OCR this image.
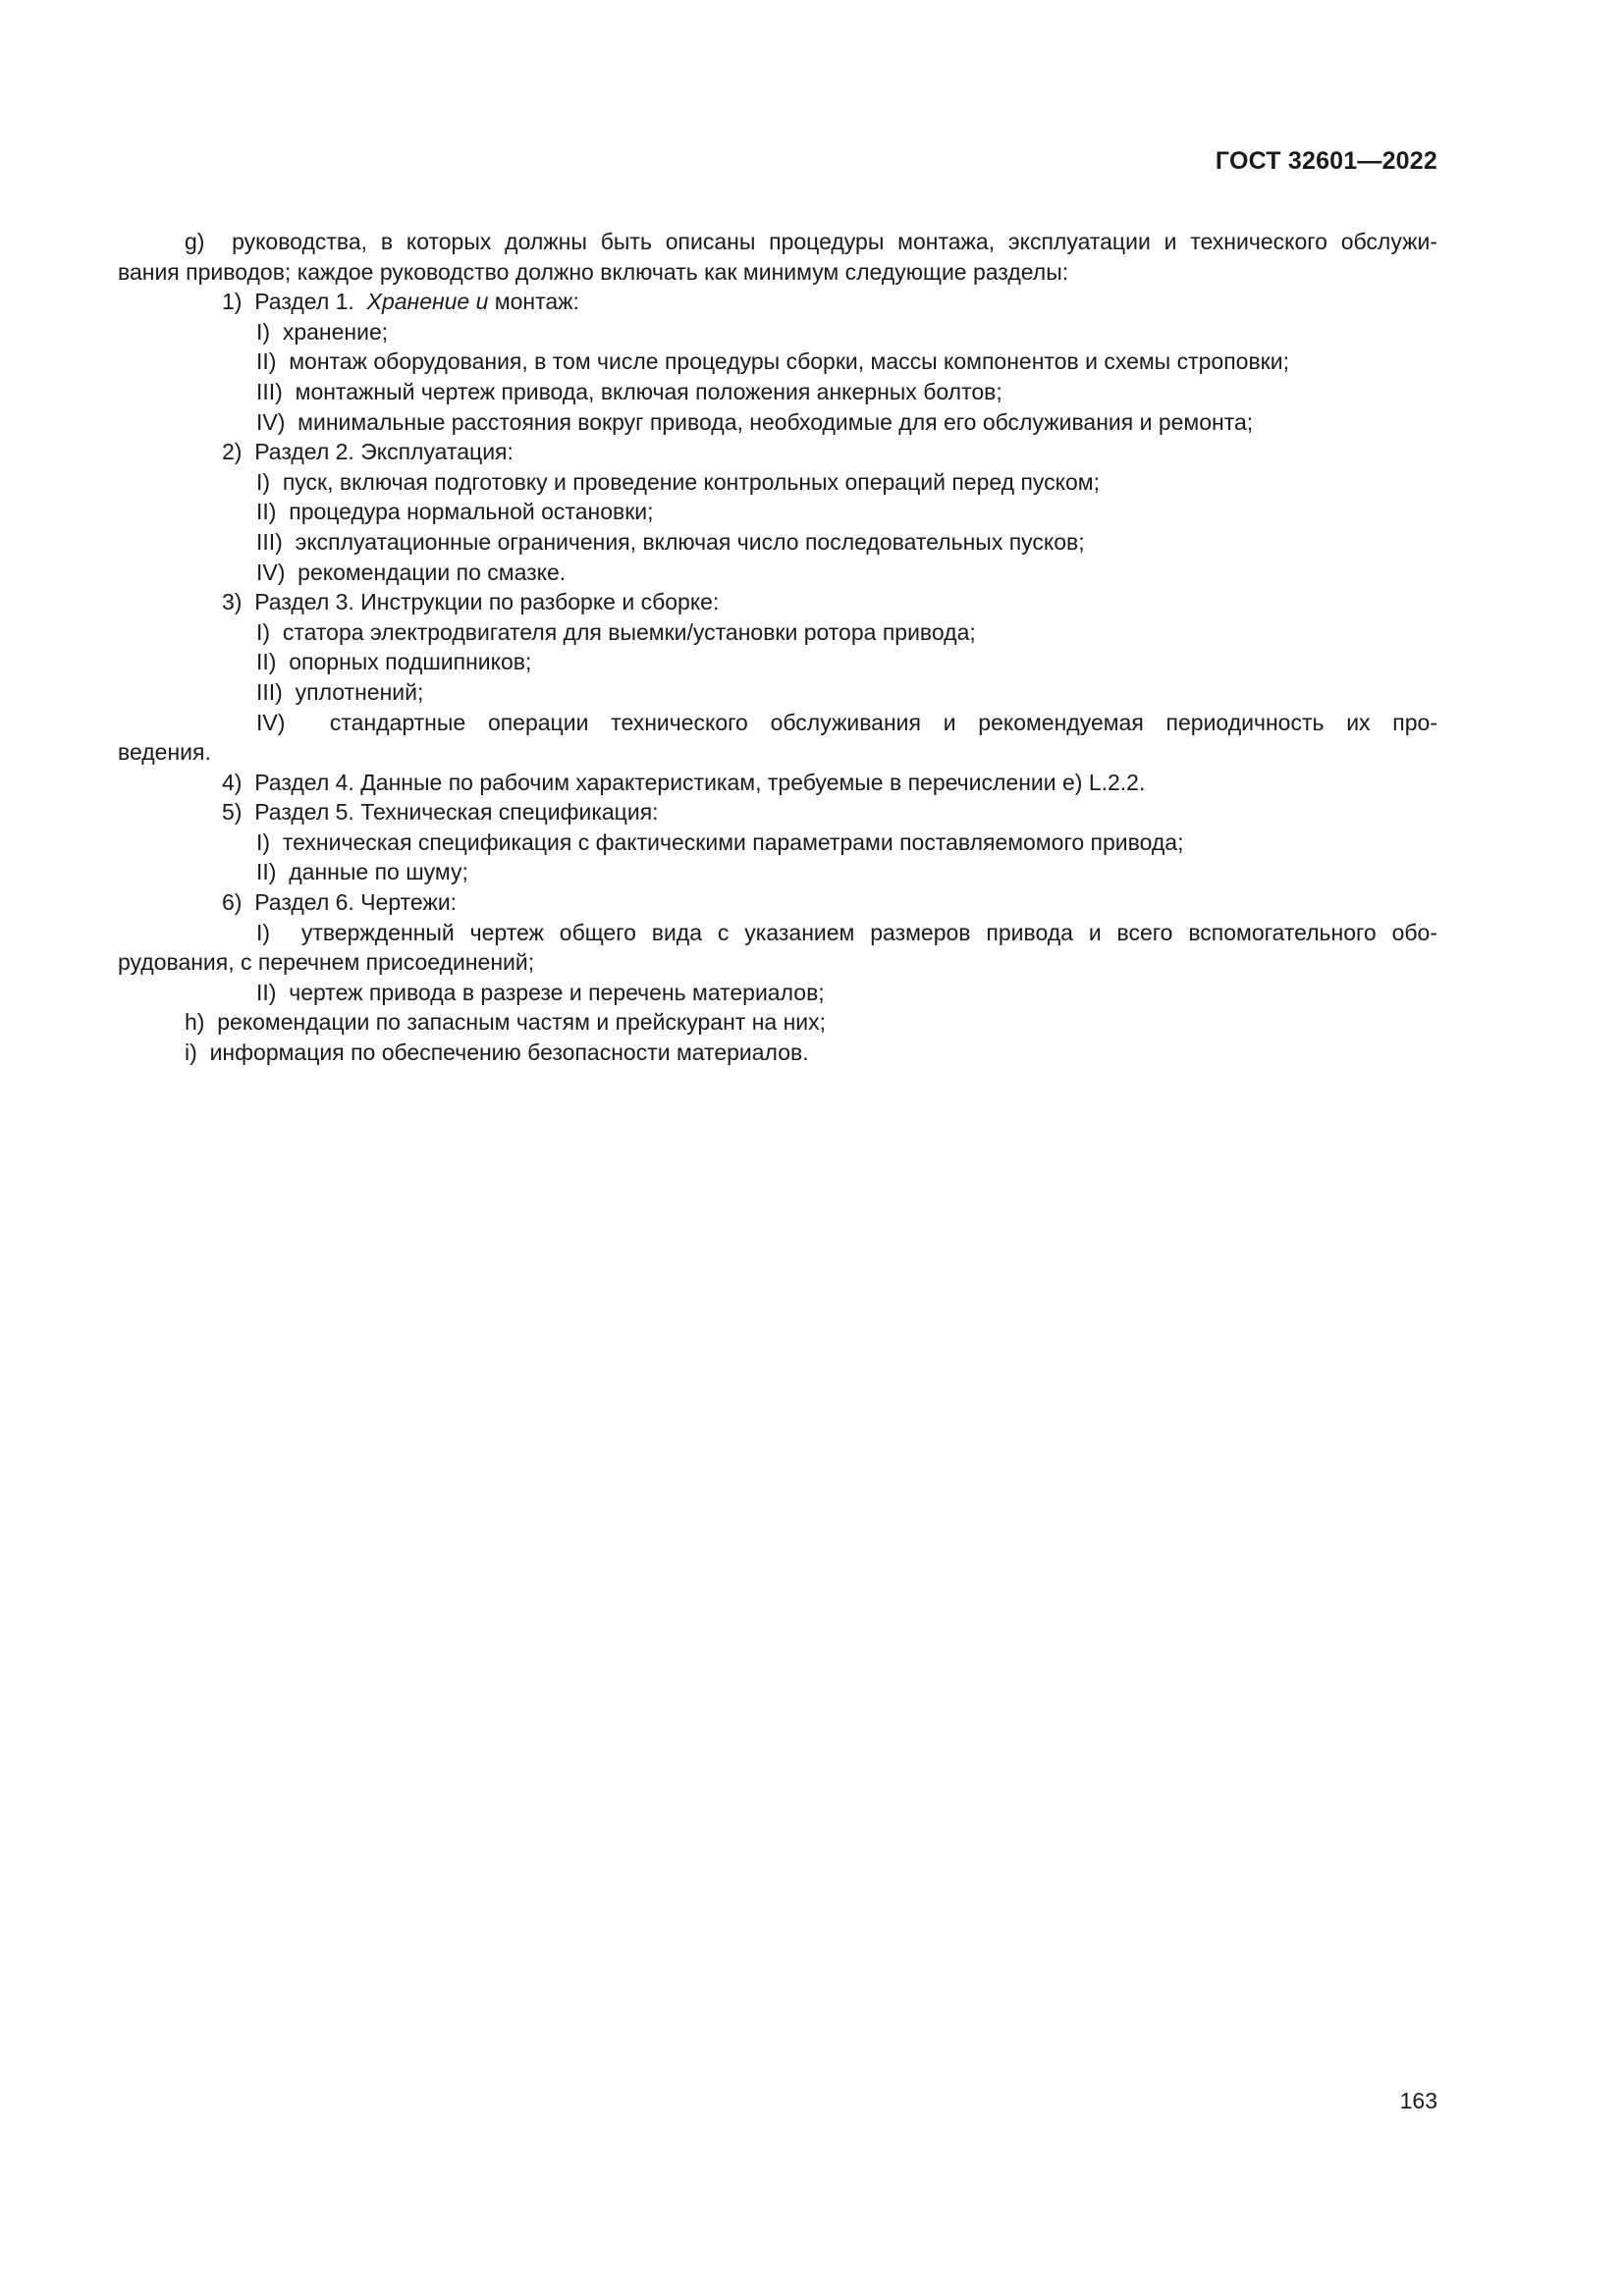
ГОСТ 32601—2022
g) руководства, в которых должны быть описаны процедуры монтажа, эксплуатации и технического обслужи-
вания приводов; каждое руководство должно включать как минимум следующие разделы:
1) Раздел 1. Хранение и монтаж:
I) хранение;
II) монтаж оборудования, в том числе процедуры сборки, массы компонентов и схемы строповки;
III) монтажный чертеж привода, включая положения анкерных болтов;
IV) минимальные расстояния вокруг привода, необходимые для его обслуживания и ремонта;
2) Раздел 2. Эксплуатация:
I) пуск, включая подготовку и проведение контрольных операций перед пуском;
II) процедура нормальной остановки;
III) эксплуатационные ограничения, включая число последовательных пусков;
IV) рекомендации по смазке.
3) Раздел 3. Инструкции по разборке и сборке:
I) статора электродвигателя для выемки/установки ротора привода;
II) опорных подшипников;
III) уплотнений;
IV) стандартные операции технического обслуживания и рекомендуемая периодичность их про-
ведения.
4) Раздел 4. Данные по рабочим характеристикам, требуемые в перечислении е) L.2.2.
5) Раздел 5. Техническая спецификация:
I) техническая спецификация с фактическими параметрами поставляемомого привода;
II) данные по шуму;
6) Раздел 6. Чертежи:
I) утвержденный чертеж общего вида с указанием размеров привода и всего вспомогательного обо-
рудования, с перечнем присоединений;
II) чертеж привода в разрезе и перечень материалов;
h) рекомендации по запасным частям и прейскурант на них;
i) информация по обеспечению безопасности материалов.
163
